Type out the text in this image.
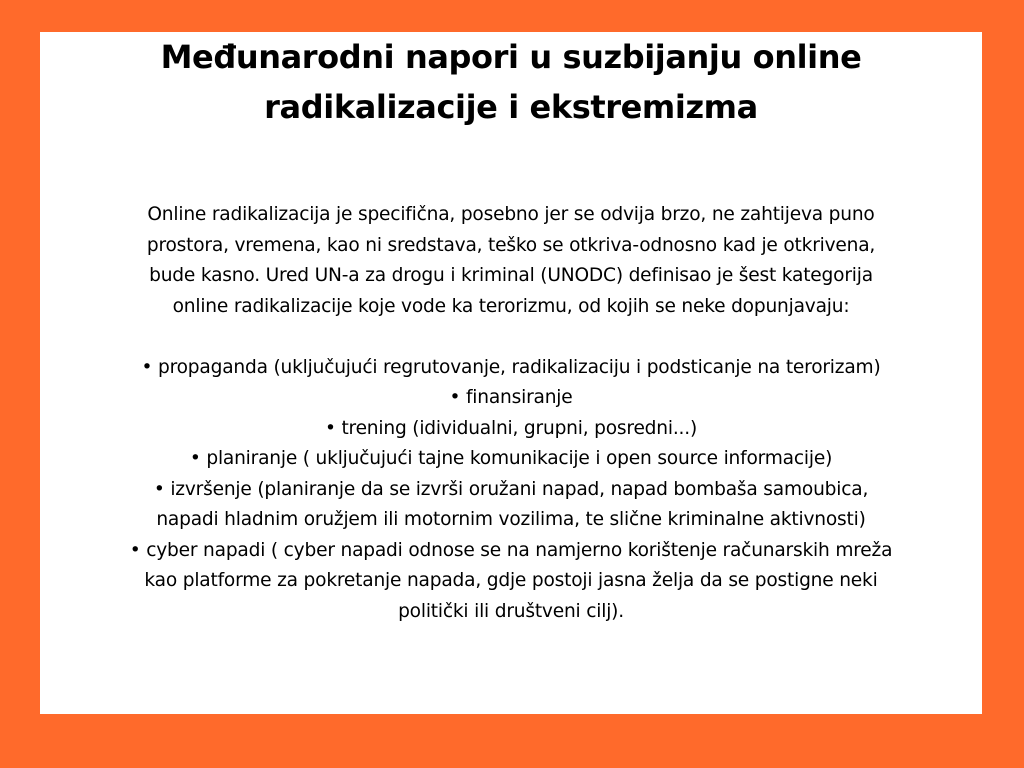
Međunarodni napori u suzbijanju online
radikalizacije i ekstremizma
Online radikalizacija je specifična, posebno jer se odvija brzo, ne zahtijeva puno
prostora, vremena, kao ni sredstava, teško se otkriva-odnosno kad je otkrivena,
bude kasno. Ured UN-a za drogu i kriminal (UNODC) definisao je šest kategorija
online radikalizacije koje vode ka terorizmu, od kojih se neke dopunjavaju:
• propaganda (uključujući regrutovanje, radikalizaciju i podsticanje na terorizam)
• finansiranje
• trening (idividualni, grupni, posredni...)
• planiranje ( uključujući tajne komunikacije i open source informacije)
• izvršenje (planiranje da se izvrši oružani napad, napad bombaša samoubica,
napadi hladnim oružjem ili motornim vozilima, te slične kriminalne aktivnosti)
• cyber napadi ( cyber napadi odnose se na namjerno korištenje računarskih mreža
kao platforme za pokretanje napada, gdje postoji jasna želja da se postigne neki
politički ili društveni cilj).
